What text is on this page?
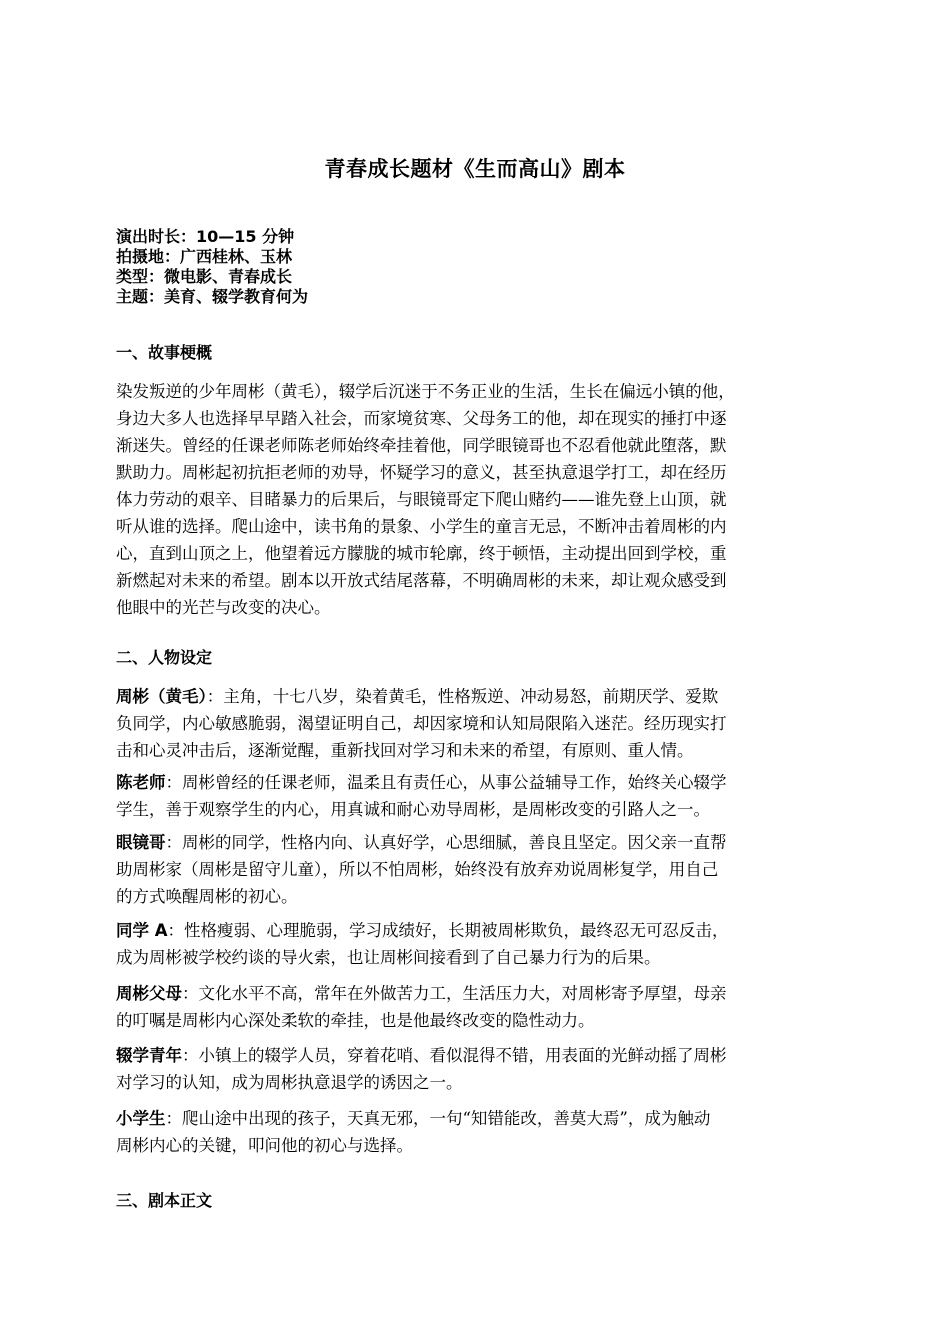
青春成长题材《生而高山》剧本
演出时长：10—15 分钟
拍摄地：广西桂林、玉林
类型：微电影、青春成长
主题：美育、辍学教育何为
一、故事梗概
染发叛逆的少年周彬（黄毛），辍学后沉迷于不务正业的生活，生长在偏远小镇的他，
身边大多人也选择早早踏入社会，而家境贫寒、父母务工的他，却在现实的捶打中逐
渐迷失。曾经的任课老师陈老师始终牵挂着他，同学眼镜哥也不忍看他就此堕落，默
默助力。周彬起初抗拒老师的劝导，怀疑学习的意义，甚至执意退学打工，却在经历
体力劳动的艰辛、目睹暴力的后果后，与眼镜哥定下爬山赌约——谁先登上山顶，就
听从谁的选择。爬山途中，读书角的景象、小学生的童言无忌，不断冲击着周彬的内
心，直到山顶之上，他望着远方朦胧的城市轮廓，终于顿悟，主动提出回到学校，重
新燃起对未来的希望。剧本以开放式结尾落幕，不明确周彬的未来，却让观众感受到
他眼中的光芒与改变的决心。
二、人物设定
周彬（黄毛）：主角，十七八岁，染着黄毛，性格叛逆、冲动易怒，前期厌学、爱欺
负同学，内心敏感脆弱，渴望证明自己，却因家境和认知局限陷入迷茫。经历现实打
击和心灵冲击后，逐渐觉醒，重新找回对学习和未来的希望，有原则、重人情。
陈老师：周彬曾经的任课老师，温柔且有责任心，从事公益辅导工作，始终关心辍学
学生，善于观察学生的内心，用真诚和耐心劝导周彬，是周彬改变的引路人之一。
眼镜哥：周彬的同学，性格内向、认真好学，心思细腻，善良且坚定。因父亲一直帮
助周彬家（周彬是留守儿童），所以不怕周彬，始终没有放弃劝说周彬复学，用自己
的方式唤醒周彬的初心。
同学 A：性格瘦弱、心理脆弱，学习成绩好，长期被周彬欺负，最终忍无可忍反击，
成为周彬被学校约谈的导火索，也让周彬间接看到了自己暴力行为的后果。
周彬父母：文化水平不高，常年在外做苦力工，生活压力大，对周彬寄予厚望，母亲
的叮嘱是周彬内心深处柔软的牵挂，也是他最终改变的隐性动力。
辍学青年：小镇上的辍学人员，穿着花哨、看似混得不错，用表面的光鲜动摇了周彬
对学习的认知，成为周彬执意退学的诱因之一。
小学生：爬山途中出现的孩子，天真无邪，一句“知错能改，善莫大焉”，成为触动
周彬内心的关键，叩问他的初心与选择。
三、剧本正文
